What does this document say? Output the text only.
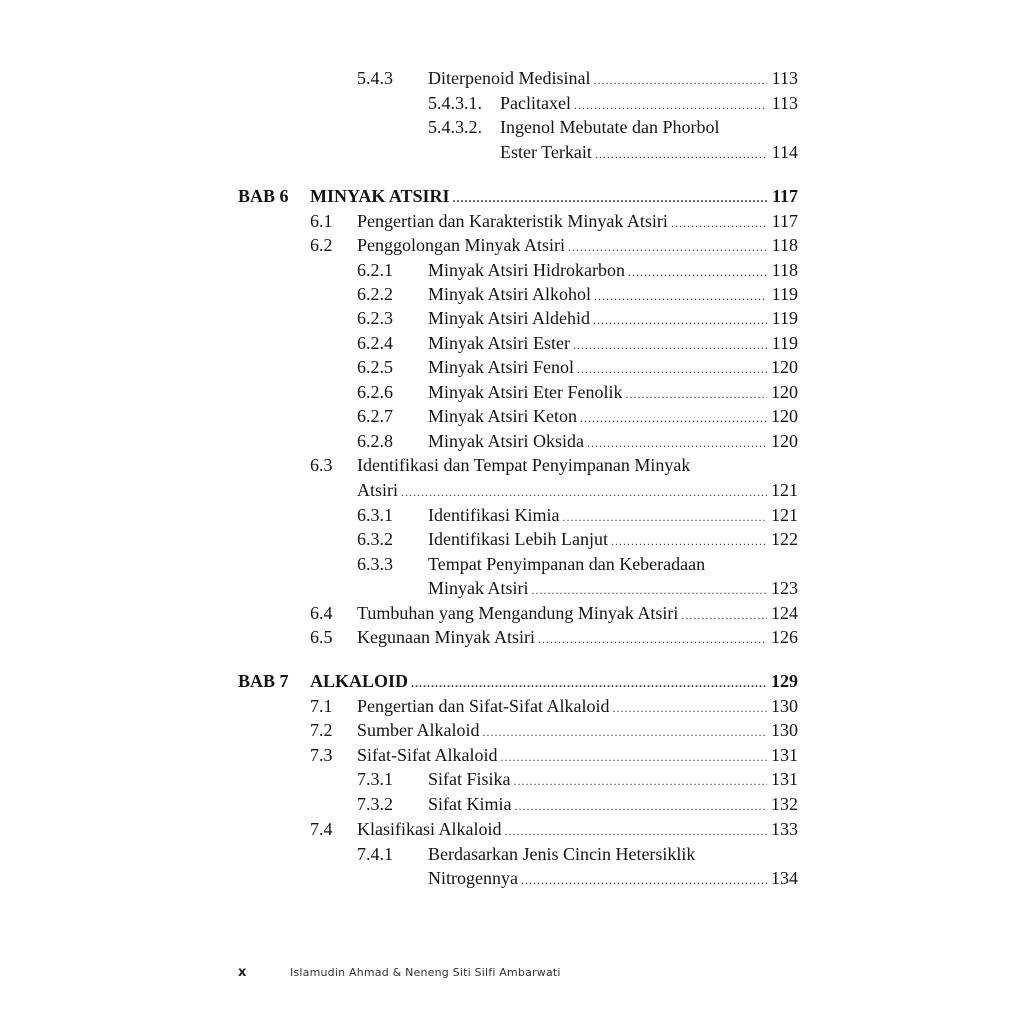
5.4.3 Diterpenoid Medisinal .....	113
5.4.3.1. Paclitaxel .....	113
5.4.3.2. Ingenol Mebutate dan Phorbol
Ester Terkait .....	114
BAB 6 MINYAK ATSIRI .....	117
6.1 Pengertian dan Karakteristik Minyak Atsiri .....	117
6.2 Penggolongan Minyak Atsiri .....	118
6.2.1 Minyak Atsiri Hidrokarbon .....	118
6.2.2 Minyak Atsiri Alkohol .....	119
6.2.3 Minyak Atsiri Aldehid .....	119
6.2.4 Minyak Atsiri Ester .....	119
6.2.5 Minyak Atsiri Fenol .....	120
6.2.6 Minyak Atsiri Eter Fenolik .....	120
6.2.7 Minyak Atsiri Keton .....	120
6.2.8 Minyak Atsiri Oksida .....	120
6.3 Identifikasi dan Tempat Penyimpanan Minyak
Atsiri .....	121
6.3.1 Identifikasi Kimia .....	121
6.3.2 Identifikasi Lebih Lanjut .....	122
6.3.3 Tempat Penyimpanan dan Keberadaan
Minyak Atsiri .....	123
6.4 Tumbuhan yang Mengandung Minyak Atsiri .....	124
6.5 Kegunaan Minyak Atsiri .....	126
BAB 7 ALKALOID .....	129
7.1 Pengertian dan Sifat-Sifat Alkaloid .....	130
7.2 Sumber Alkaloid .....	130
7.3 Sifat-Sifat Alkaloid .....	131
7.3.1 Sifat Fisika .....	131
7.3.2 Sifat Kimia .....	132
7.4 Klasifikasi Alkaloid .....	133
7.4.1 Berdasarkan Jenis Cincin Hetersiklik
Nitrogennya .....	134
x	Islamudin Ahmad & Neneng Siti Silfi Ambarwati
